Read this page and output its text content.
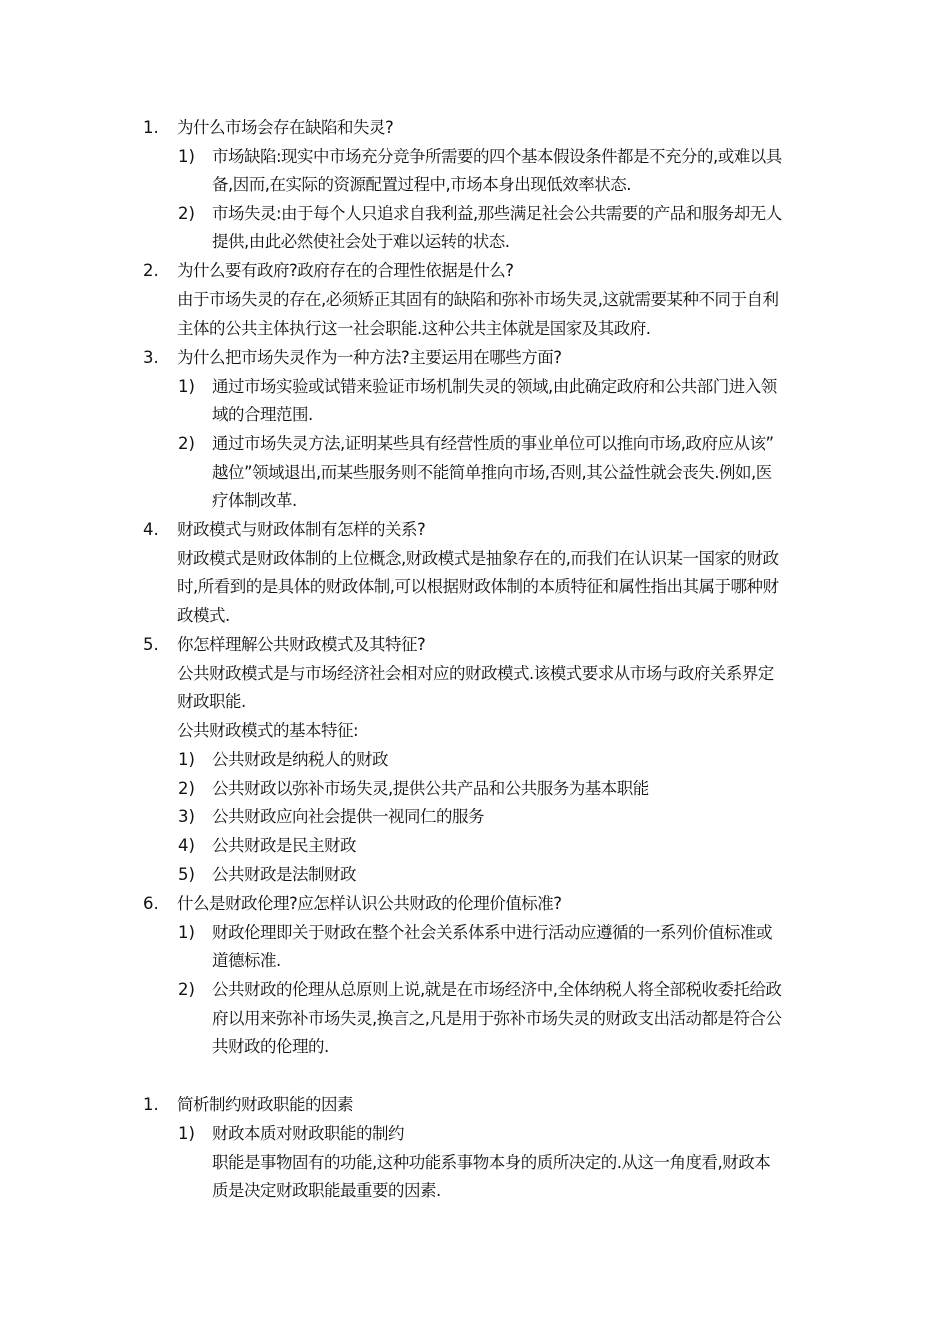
1. 为什么市场会存在缺陷和失灵?
1) 市场缺陷:现实中市场充分竞争所需要的四个基本假设条件都是不充分的,或难以具
备,因而,在实际的资源配置过程中,市场本身出现低效率状态.
2) 市场失灵:由于每个人只追求自我利益,那些满足社会公共需要的产品和服务却无人
提供,由此必然使社会处于难以运转的状态.
2. 为什么要有政府?政府存在的合理性依据是什么?
由于市场失灵的存在,必须矫正其固有的缺陷和弥补市场失灵,这就需要某种不同于自利
主体的公共主体执行这一社会职能.这种公共主体就是国家及其政府.
3. 为什么把市场失灵作为一种方法?主要运用在哪些方面?
1) 通过市场实验或试错来验证市场机制失灵的领域,由此确定政府和公共部门进入领
域的合理范围.
2) 通过市场失灵方法,证明某些具有经营性质的事业单位可以推向市场,政府应从该”
越位”领域退出,而某些服务则不能简单推向市场,否则,其公益性就会丧失.例如,医
疗体制改革.
4. 财政模式与财政体制有怎样的关系?
财政模式是财政体制的上位概念,财政模式是抽象存在的,而我们在认识某一国家的财政
时,所看到的是具体的财政体制,可以根据财政体制的本质特征和属性指出其属于哪种财
政模式.
5. 你怎样理解公共财政模式及其特征?
公共财政模式是与市场经济社会相对应的财政模式.该模式要求从市场与政府关系界定
财政职能.
公共财政模式的基本特征:
1) 公共财政是纳税人的财政
2) 公共财政以弥补市场失灵,提供公共产品和公共服务为基本职能
3) 公共财政应向社会提供一视同仁的服务
4) 公共财政是民主财政
5) 公共财政是法制财政
6. 什么是财政伦理?应怎样认识公共财政的伦理价值标准?
1) 财政伦理即关于财政在整个社会关系体系中进行活动应遵循的一系列价值标准或
道德标准.
2) 公共财政的伦理从总原则上说,就是在市场经济中,全体纳税人将全部税收委托给政
府以用来弥补市场失灵,换言之,凡是用于弥补市场失灵的财政支出活动都是符合公
共财政的伦理的.
1. 简析制约财政职能的因素
1) 财政本质对财政职能的制约
职能是事物固有的功能,这种功能系事物本身的质所决定的.从这一角度看,财政本
质是决定财政职能最重要的因素.
